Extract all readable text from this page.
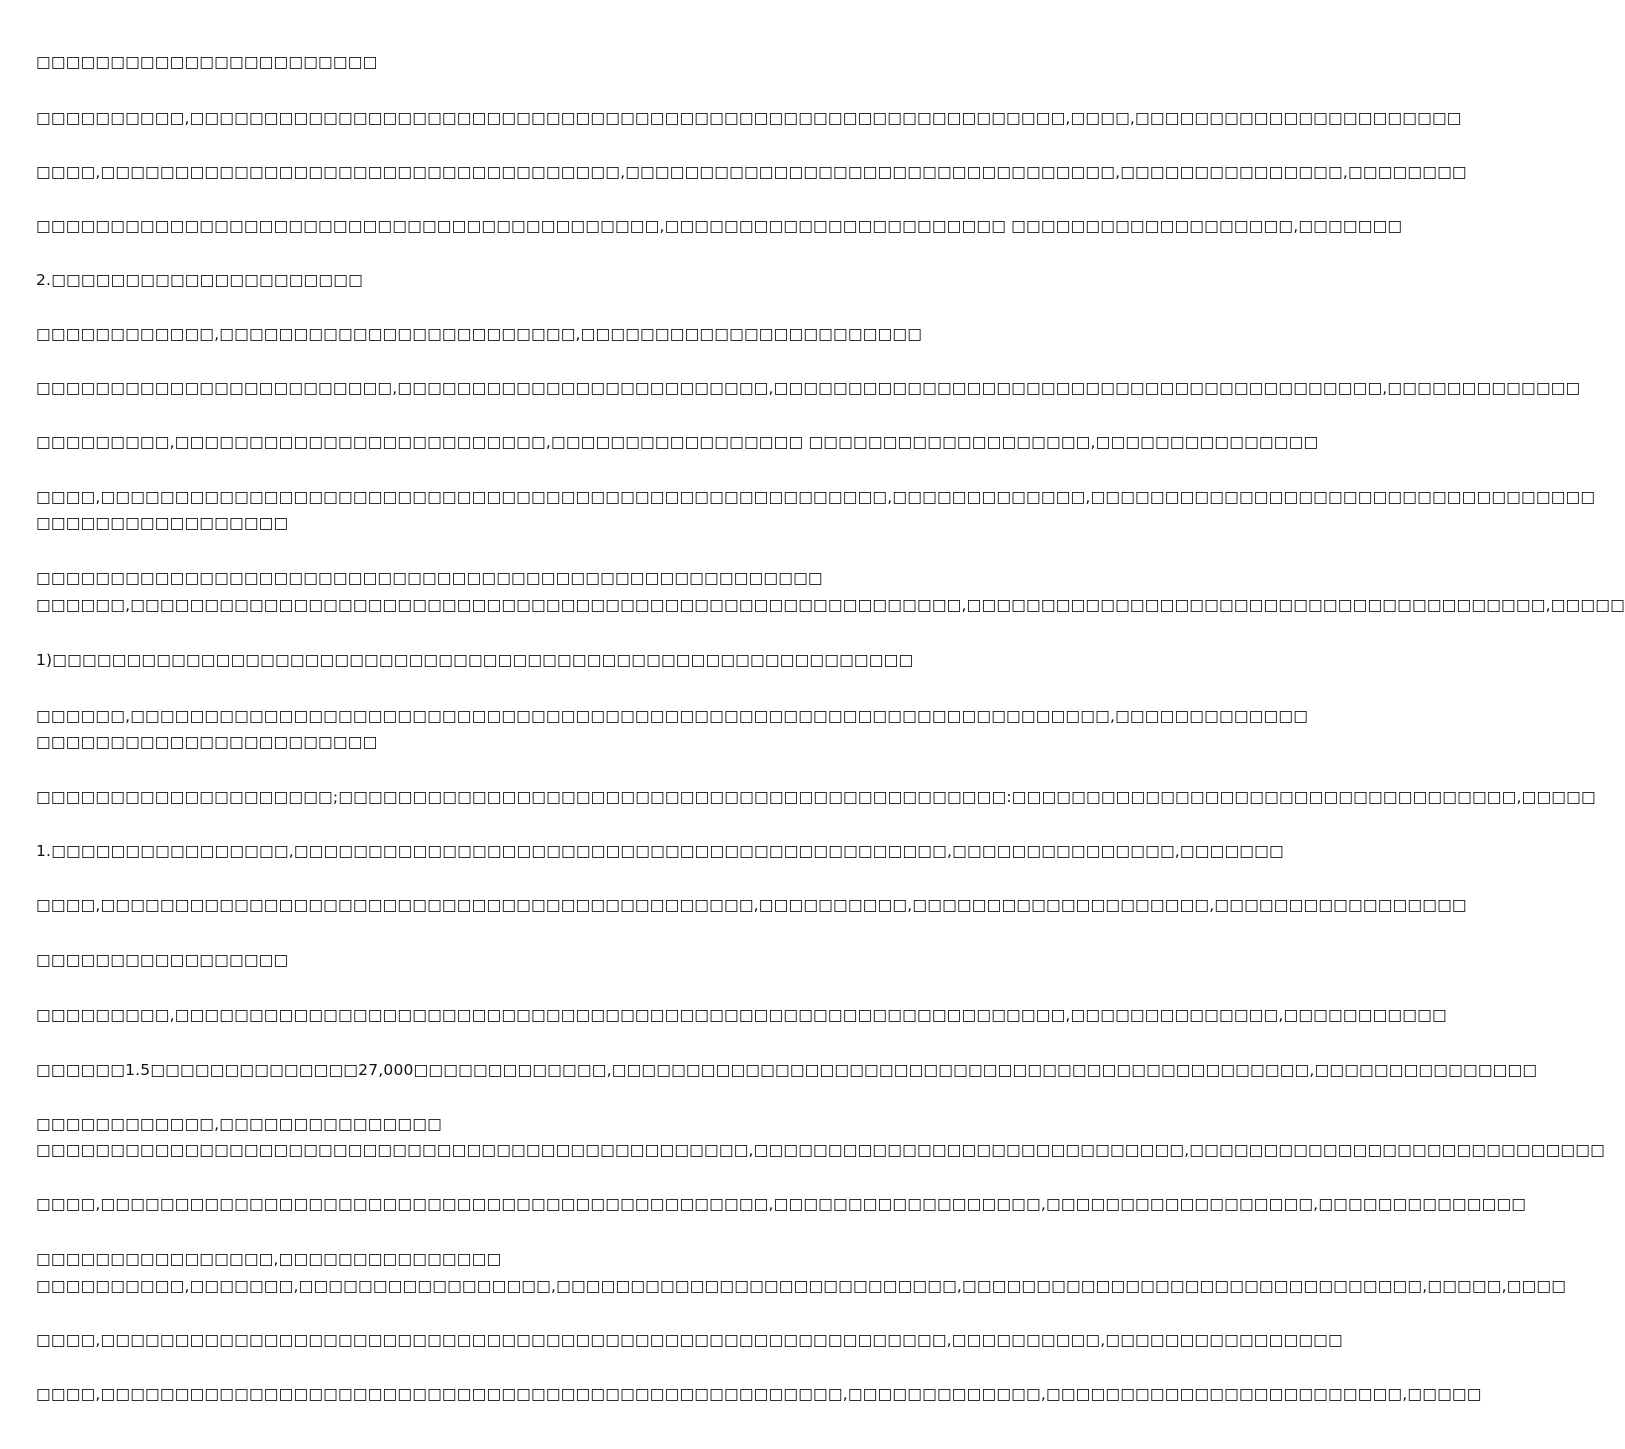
□□□□□□□□□□□□□□□□□□□□□□□
□□□□□□□□□□,□□□□□□□□□□□□□□□□□□□□□□□□□□□□□□□□□□□□□□□□□□□□□□□□□□□□□□□□□□□,□□□□,□□□□□□□□□□□□□□□□□□□□□□
□□□□,□□□□□□□□□□□□□□□□□□□□□□□□□□□□□□□□□□□,□□□□□□□□□□□□□□□□□□□□□□□□□□□□□□□□□,□□□□□□□□□□□□□□□,□□□□□□□□
□□□□□□□□□□□□□□□□□□□□□□□□□□□□□□□□□□□□□□□□□□,□□□□□□□□□□□□□□□□□□□□□□□ □□□□□□□□□□□□□□□□□□□,□□□□□□□
2.□□□□□□□□□□□□□□□□□□□□□
□□□□□□□□□□□□,□□□□□□□□□□□□□□□□□□□□□□□□,□□□□□□□□□□□□□□□□□□□□□□□
□□□□□□□□□□□□□□□□□□□□□□□□,□□□□□□□□□□□□□□□□□□□□□□□□□,□□□□□□□□□□□□□□□□□□□□□□□□□□□□□□□□□□□□□□□□□,□□□□□□□□□□□□□
□□□□□□□□□,□□□□□□□□□□□□□□□□□□□□□□□□□,□□□□□□□□□□□□□□□□□ □□□□□□□□□□□□□□□□□□□,□□□□□□□□□□□□□□□
□□□□,□□□□□□□□□□□□□□□□□□□□□□□□□□□□□□□□□□□□□□□□□□□□□□□□□□□□□,□□□□□□□□□□□□□,□□□□□□□□□□□□□□□□□□□□□□□□□□□□□□□□□□
□□□□□□□□□□□□□□□□□
□□□□□□□□□□□□□□□□□□□□□□□□□□□□□□□□□□□□□□□□□□□□□□□□□□□□□
□□□□□□,□□□□□□□□□□□□□□□□□□□□□□□□□□□□□□□□□□□□□□□□□□□□□□□□□□□□□□□□,□□□□□□□□□□□□□□□□□□□□□□□□□□□□□□□□□□□□□□□,□□□□□
1)□□□□□□□□□□□□□□□□□□□□□□□□□□□□□□□□□□□□□□□□□□□□□□□□□□□□□□□□□□
□□□□□□,□□□□□□□□□□□□□□□□□□□□□□□□□□□□□□□□□□□□□□□□□□□□□□□□□□□□□□□□□□□□□□□□□□,□□□□□□□□□□□□□
□□□□□□□□□□□□□□□□□□□□□□□
□□□□□□□□□□□□□□□□□□□□;□□□□□□□□□□□□□□□□□□□□□□□□□□□□□□□□□□□□□□□□□□□□□:□□□□□□□□□□□□□□□□□□□□□□□□□□□□□□□□□□,□□□□□
1.□□□□□□□□□□□□□□□□,□□□□□□□□□□□□□□□□□□□□□□□□□□□□□□□□□□□□□□□□□□□□,□□□□□□□□□□□□□□□,□□□□□□□
□□□□,□□□□□□□□□□□□□□□□□□□□□□□□□□□□□□□□□□□□□□□□□□□□,□□□□□□□□□□,□□□□□□□□□□□□□□□□□□□□,□□□□□□□□□□□□□□□□□
□□□□□□□□□□□□□□□□□
□□□□□□□□□,□□□□□□□□□□□□□□□□□□□□□□□□□□□□□□□□□□□□□□□□□□□□□□□□□□□□□□□□□□□□,□□□□□□□□□□□□□□,□□□□□□□□□□□
□□□□□□1.5□□□□□□□□□□□□□□27,000□□□□□□□□□□□□□,□□□□□□□□□□□□□□□□□□□□□□□□□□□□□□□□□□□□□□□□□□□□□□□,□□□□□□□□□□□□□□□
□□□□□□□□□□□□,□□□□□□□□□□□□□□□
□□□□□□□□□□□□□□□□□□□□□□□□□□□□□□□□□□□□□□□□□□□□□□□□,□□□□□□□□□□□□□□□□□□□□□□□□□□□□□,□□□□□□□□□□□□□□□□□□□□□□□□□□□□
□□□□,□□□□□□□□□□□□□□□□□□□□□□□□□□□□□□□□□□□□□□□□□□□□□,□□□□□□□□□□□□□□□□□□,□□□□□□□□□□□□□□□□□□,□□□□□□□□□□□□□□
□□□□□□□□□□□□□□□□,□□□□□□□□□□□□□□□
□□□□□□□□□□,□□□□□□□,□□□□□□□□□□□□□□□□□,□□□□□□□□□□□□□□□□□□□□□□□□□□□,□□□□□□□□□□□□□□□□□□□□□□□□□□□□□□□,□□□□□,□□□□
□□□□,□□□□□□□□□□□□□□□□□□□□□□□□□□□□□□□□□□□□□□□□□□□□□□□□□□□□□□□□□,□□□□□□□□□□,□□□□□□□□□□□□□□□□
□□□□,□□□□□□□□□□□□□□□□□□□□□□□□□□□□□□□□□□□□□□□□□□□□□□□□□□,□□□□□□□□□□□□□,□□□□□□□□□□□□□□□□□□□□□□□□,□□□□□
